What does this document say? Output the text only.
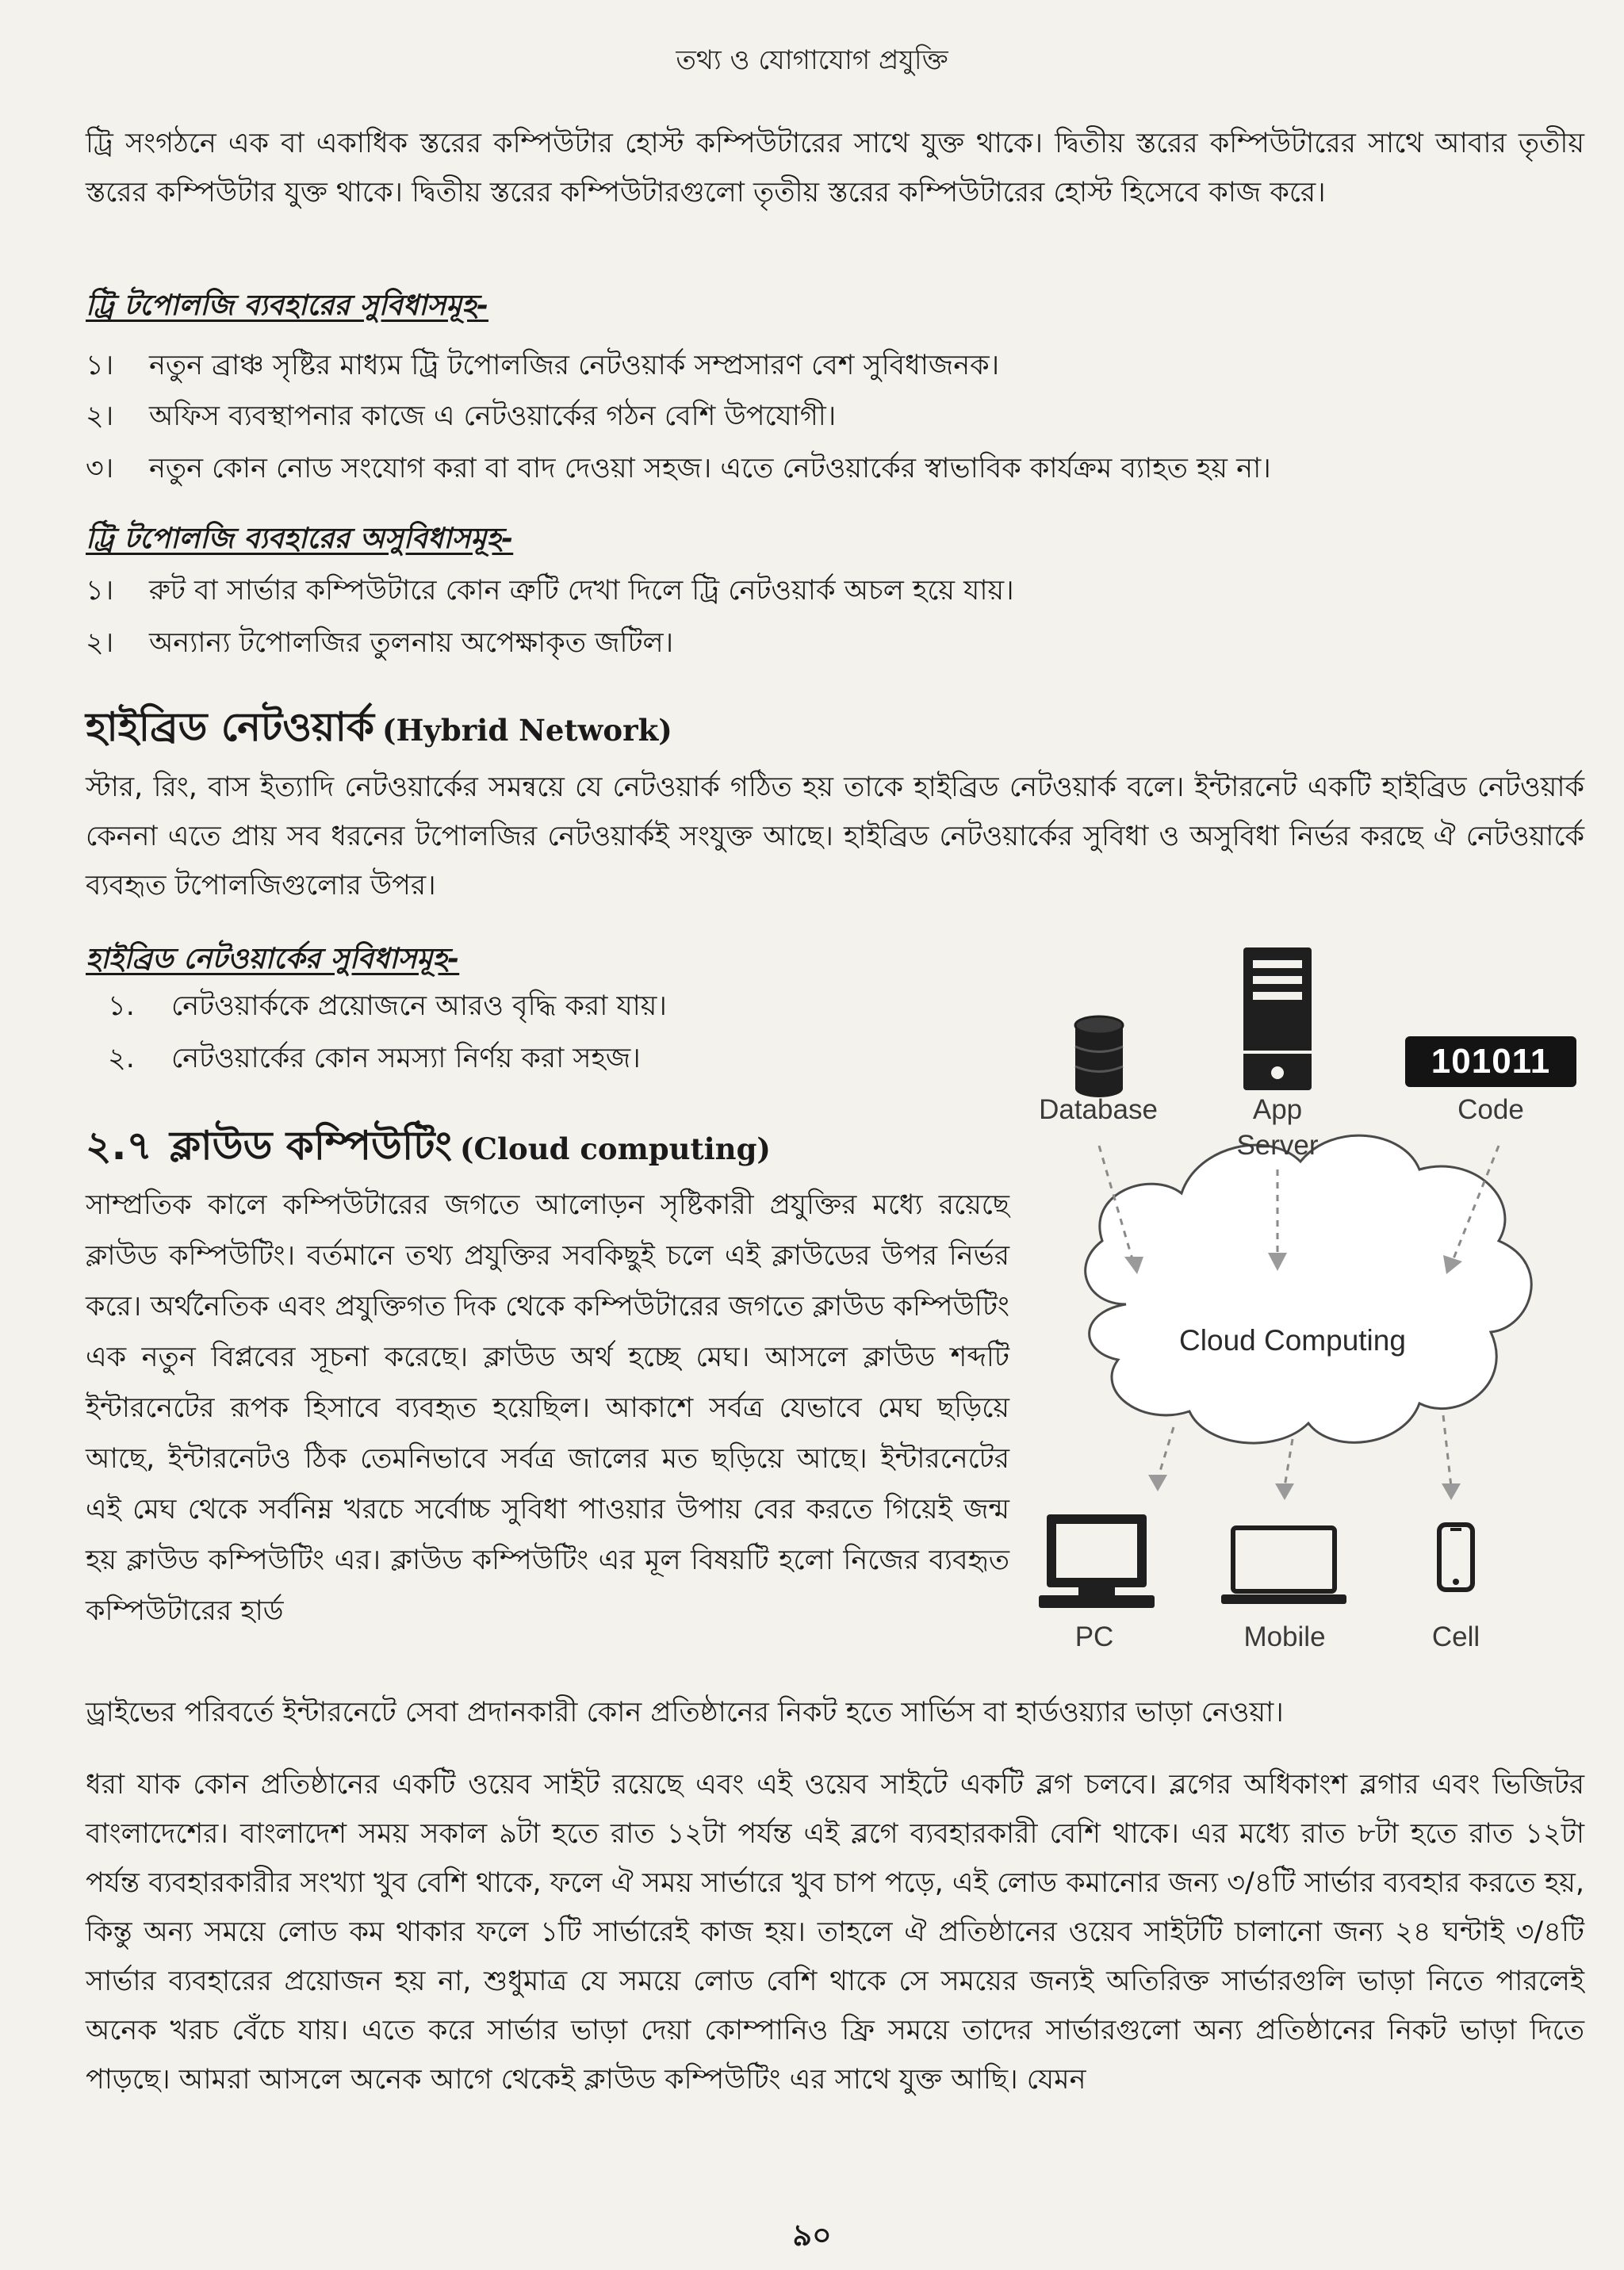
তথ্য ও যোগাযোগ প্রযুক্তি
ট্রি সংগঠনে এক বা একাধিক স্তরের কম্পিউটার হোস্ট কম্পিউটারের সাথে যুক্ত থাকে। দ্বিতীয় স্তরের কম্পিউটারের সাথে আবার তৃতীয় স্তরের কম্পিউটার যুক্ত থাকে। দ্বিতীয় স্তরের কম্পিউটারগুলো তৃতীয় স্তরের কম্পিউটারের হোস্ট হিসেবে কাজ করে।
ট্রি টপোলজি ব্যবহারের সুবিধাসমূহ-
১। নতুন ব্রাঞ্চ সৃষ্টির মাধ্যম ট্রি টপোলজির নেটওয়ার্ক সম্প্রসারণ বেশ সুবিধাজনক।
২। অফিস ব্যবস্থাপনার কাজে এ নেটওয়ার্কের গঠন বেশি উপযোগী।
৩। নতুন কোন নোড সংযোগ করা বা বাদ দেওয়া সহজ। এতে নেটওয়ার্কের স্বাভাবিক কার্যক্রম ব্যাহত হয় না।
ট্রি টপোলজি ব্যবহারের অসুবিধাসমূহ-
১। রুট বা সার্ভার কম্পিউটারে কোন ত্রুটি দেখা দিলে ট্রি নেটওয়ার্ক অচল হয়ে যায়।
২। অন্যান্য টপোলজির তুলনায় অপেক্ষাকৃত জটিল।
হাইব্রিড নেটওয়ার্ক (Hybrid Network)
স্টার, রিং, বাস ইত্যাদি নেটওয়ার্কের সমন্বয়ে যে নেটওয়ার্ক গঠিত হয় তাকে হাইব্রিড নেটওয়ার্ক বলে। ইন্টারনেট একটি হাইব্রিড নেটওয়ার্ক কেননা এতে প্রায় সব ধরনের টপোলজির নেটওয়ার্কই সংযুক্ত আছে। হাইব্রিড নেটওয়ার্কের সুবিধা ও অসুবিধা নির্ভর করছে ঐ নেটওয়ার্কে ব্যবহৃত টপোলজিগুলোর উপর।
হাইব্রিড নেটওয়ার্কের সুবিধাসমূহ-
১. নেটওয়ার্ককে প্রয়োজনে আরও বৃদ্ধি করা যায়।
২. নেটওয়ার্কের কোন সমস্যা নির্ণয় করা সহজ।
২.৭ ক্লাউড কম্পিউটিং (Cloud computing)
সাম্প্রতিক কালে কম্পিউটারের জগতে আলোড়ন সৃষ্টিকারী প্রযুক্তির মধ্যে রয়েছে ক্লাউড কম্পিউটিং। বর্তমানে তথ্য প্রযুক্তির সবকিছুই চলে এই ক্লাউডের উপর নির্ভর করে। অর্থনৈতিক এবং প্রযুক্তিগত দিক থেকে কম্পিউটারের জগতে ক্লাউড কম্পিউটিং এক নতুন বিপ্লবের সূচনা করেছে। ক্লাউড অর্থ হচ্ছে মেঘ। আসলে ক্লাউড শব্দটি ইন্টারনেটের রূপক হিসাবে ব্যবহৃত হয়েছিল। আকাশে সর্বত্র যেভাবে মেঘ ছড়িয়ে আছে, ইন্টারনেটও ঠিক তেমনিভাবে সর্বত্র জালের মত ছড়িয়ে আছে। ইন্টারনেটের এই মেঘ থেকে সর্বনিম্ন খরচে সর্বোচ্চ সুবিধা পাওয়ার উপায় বের করতে গিয়েই জন্ম হয় ক্লাউড কম্পিউটিং এর। ক্লাউড কম্পিউটিং এর মূল বিষয়টি হলো নিজের ব্যবহৃত কম্পিউটারের হার্ড
ড্রাইভের পরিবর্তে ইন্টারনেটে সেবা প্রদানকারী কোন প্রতিষ্ঠানের নিকট হতে সার্ভিস বা হার্ডওয়্যার ভাড়া নেওয়া।
ধরা যাক কোন প্রতিষ্ঠানের একটি ওয়েব সাইট রয়েছে এবং এই ওয়েব সাইটে একটি ব্লগ চলবে। ব্লগের অধিকাংশ ব্লগার এবং ভিজিটর বাংলাদেশের। বাংলাদেশ সময় সকাল ৯টা হতে রাত ১২টা পর্যন্ত এই ব্লগে ব্যবহারকারী বেশি থাকে। এর মধ্যে রাত ৮টা হতে রাত ১২টা পর্যন্ত ব্যবহারকারীর সংখ্যা খুব বেশি থাকে, ফলে ঐ সময় সার্ভারে খুব চাপ পড়ে, এই লোড কমানোর জন্য ৩/৪টি সার্ভার ব্যবহার করতে হয়, কিন্তু অন্য সময়ে লোড কম থাকার ফলে ১টি সার্ভারেই কাজ হয়। তাহলে ঐ প্রতিষ্ঠানের ওয়েব সাইটটি চালানো জন্য ২৪ ঘন্টাই ৩/৪টি সার্ভার ব্যবহারের প্রয়োজন হয় না, শুধুমাত্র যে সময়ে লোড বেশি থাকে সে সময়ের জন্যই অতিরিক্ত সার্ভারগুলি ভাড়া নিতে পারলেই অনেক খরচ বেঁচে যায়। এতে করে সার্ভার ভাড়া দেয়া কোম্পানিও ফ্রি সময়ে তাদের সার্ভারগুলো অন্য প্রতিষ্ঠানের নিকট ভাড়া দিতে পাড়ছে। আমরা আসলে অনেক আগে থেকেই ক্লাউড কম্পিউটিং এর সাথে যুক্ত আছি। যেমন
Database	App
Server
101011
Code
Cloud Computing
PC	Mobile	Cell
৯০
